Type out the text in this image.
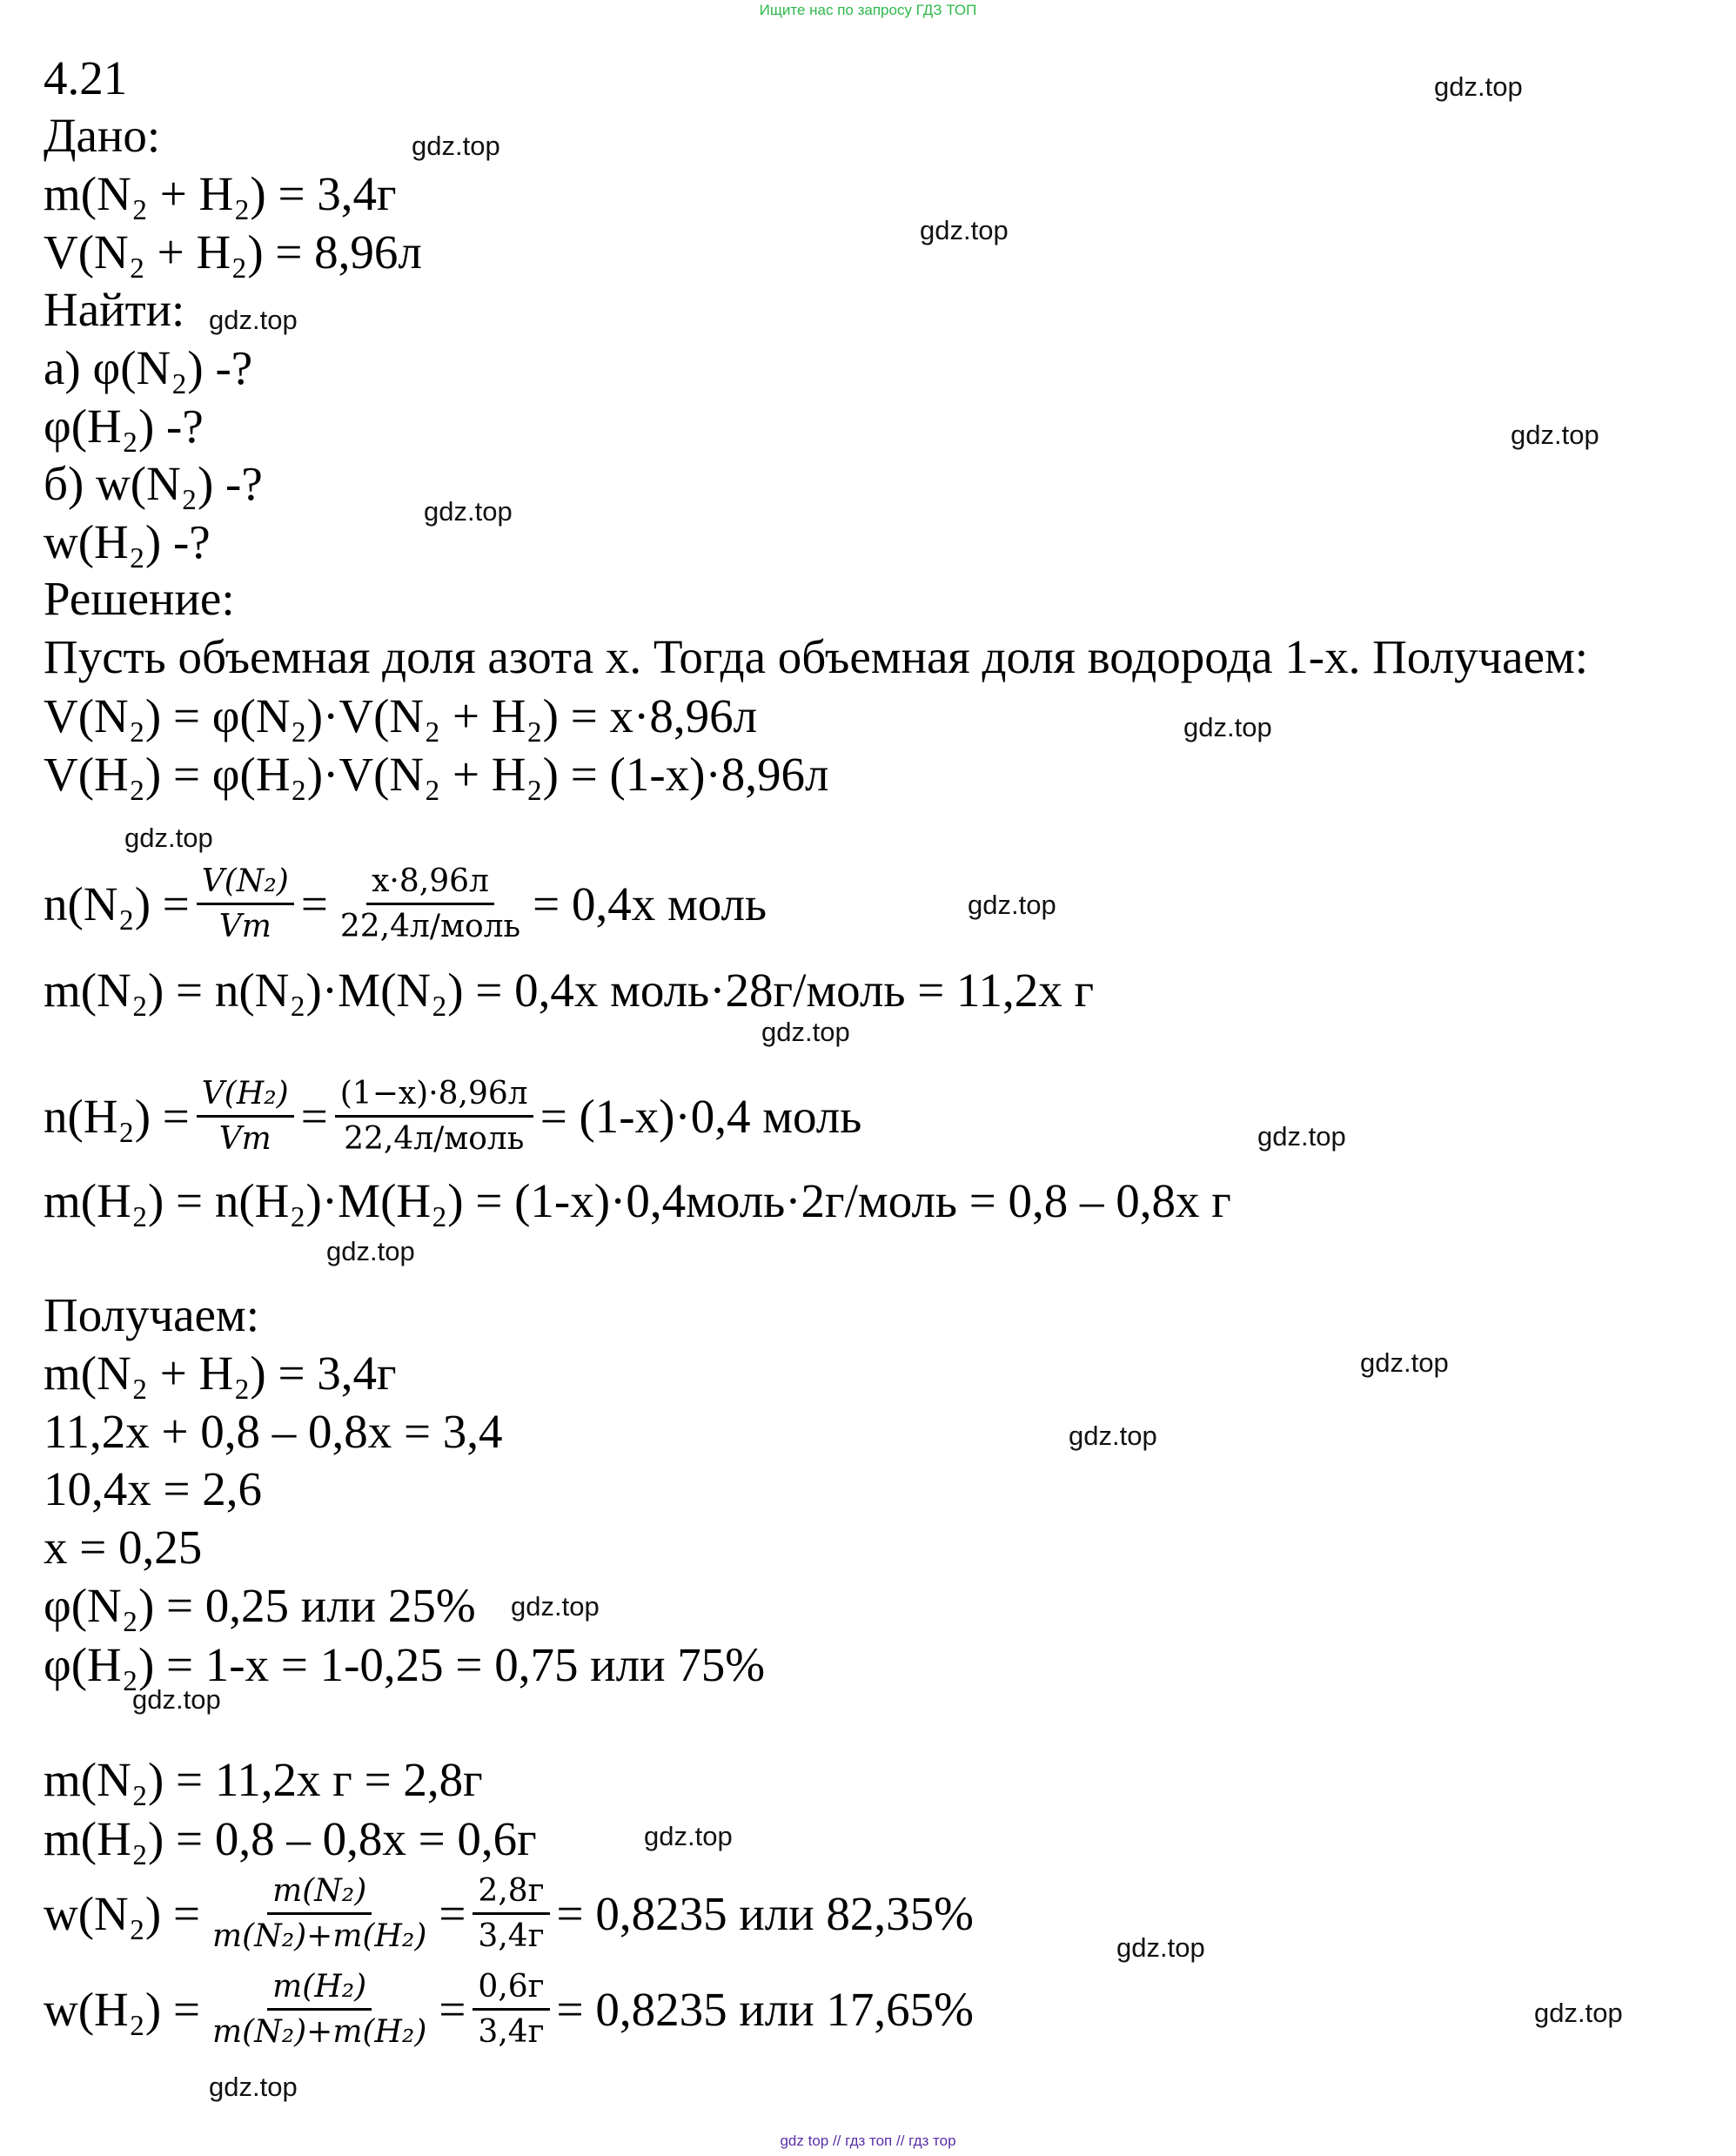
Ищите нас по запросу ГДЗ ТОП
gdz.top
gdz.top
gdz.top
gdz.top
gdz.top
gdz.top
gdz.top
gdz.top
gdz.top
gdz.top
gdz.top
gdz.top
gdz.top
gdz.top
gdz.top
gdz.top
gdz.top
gdz.top
gdz.top
gdz.top
4.21
Дано:
m(N₂ + H₂) = 3,4г
V(N₂ + H₂) = 8,96л
Найти:
а) φ(N₂) -?
φ(H₂) -?
б) w(N₂) -?
w(H₂) -?
Решение:
Пусть объемная доля азота х. Тогда объемная доля водорода 1-х. Получаем:
V(N₂) = φ(N₂)·V(N₂ + H₂) = х·8,96л
V(H₂) = φ(H₂)·V(N₂ + H₂) = (1-х)·8,96л
$n(N_2) = \frac{\text{V(N₂)}}{Vm} = \frac{х\cdot 8,96л}{\text{22,4л/моль}} = 0,4х$ моль
m(N₂) = n(N₂)·M(N₂) = 0,4х моль·28г/моль = 11,2х г
$n(H_2) = \frac{\text{V(H₂)}}{Vm} = \frac{(1-х)\cdot 8,96л}{\text{22,4л/моль}} = (1-х)\cdot 0,4$ моль
m(H₂) = n(H₂)·M(H₂) = (1-х)·0,4моль·2г/моль = 0,8 – 0,8х г
Получаем:
m(N₂ + H₂) = 3,4г
11,2х + 0,8 – 0,8х = 3,4
10,4х = 2,6
х = 0,25
φ(N₂) = 0,25 или 25%
φ(H₂) = 1-х = 1-0,25 = 0,75 или 75%
m(N₂) = 11,2х г = 2,8г
m(H₂) = 0,8 – 0,8х = 0,6г
$w(N_2) = \frac{\text{m(N₂)}}{\text{m(N₂)+m(H₂)}} = \frac{2,8г}{3,4г} = 0,8235$ или 82,35%
$w(H_2) = \frac{\text{m(H₂)}}{\text{m(N₂)+m(H₂)}} = \frac{0,6г}{3,4г} = 0,8235$ или 17,65%
gdz top // гдз топ // гдз тор
